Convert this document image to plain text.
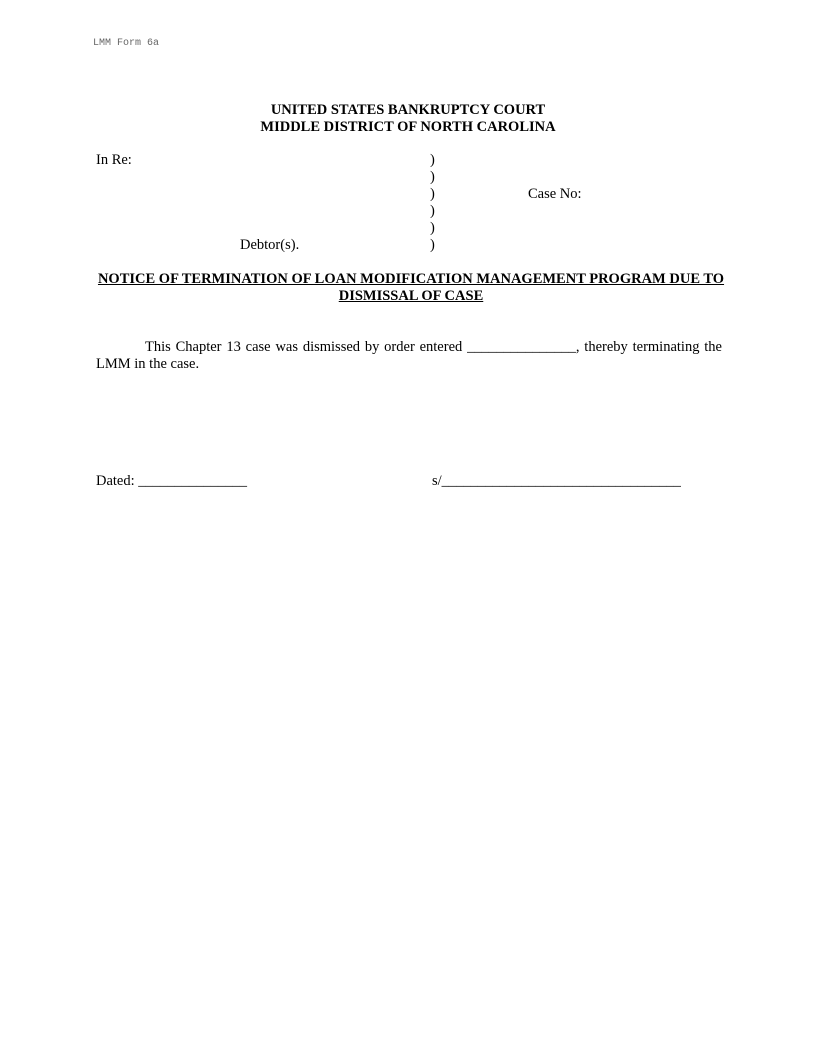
LMM Form 6a
UNITED STATES BANKRUPTCY COURT
MIDDLE DISTRICT OF NORTH CAROLINA
In Re:	)
)
)
)
)
)
Case No:
Debtor(s).
NOTICE OF TERMINATION OF LOAN MODIFICATION MANAGEMENT PROGRAM DUE TO DISMISSAL OF CASE
This Chapter 13 case was dismissed by order entered _______________, thereby terminating the LMM in the case.
Dated: _______________	s/_________________________________
